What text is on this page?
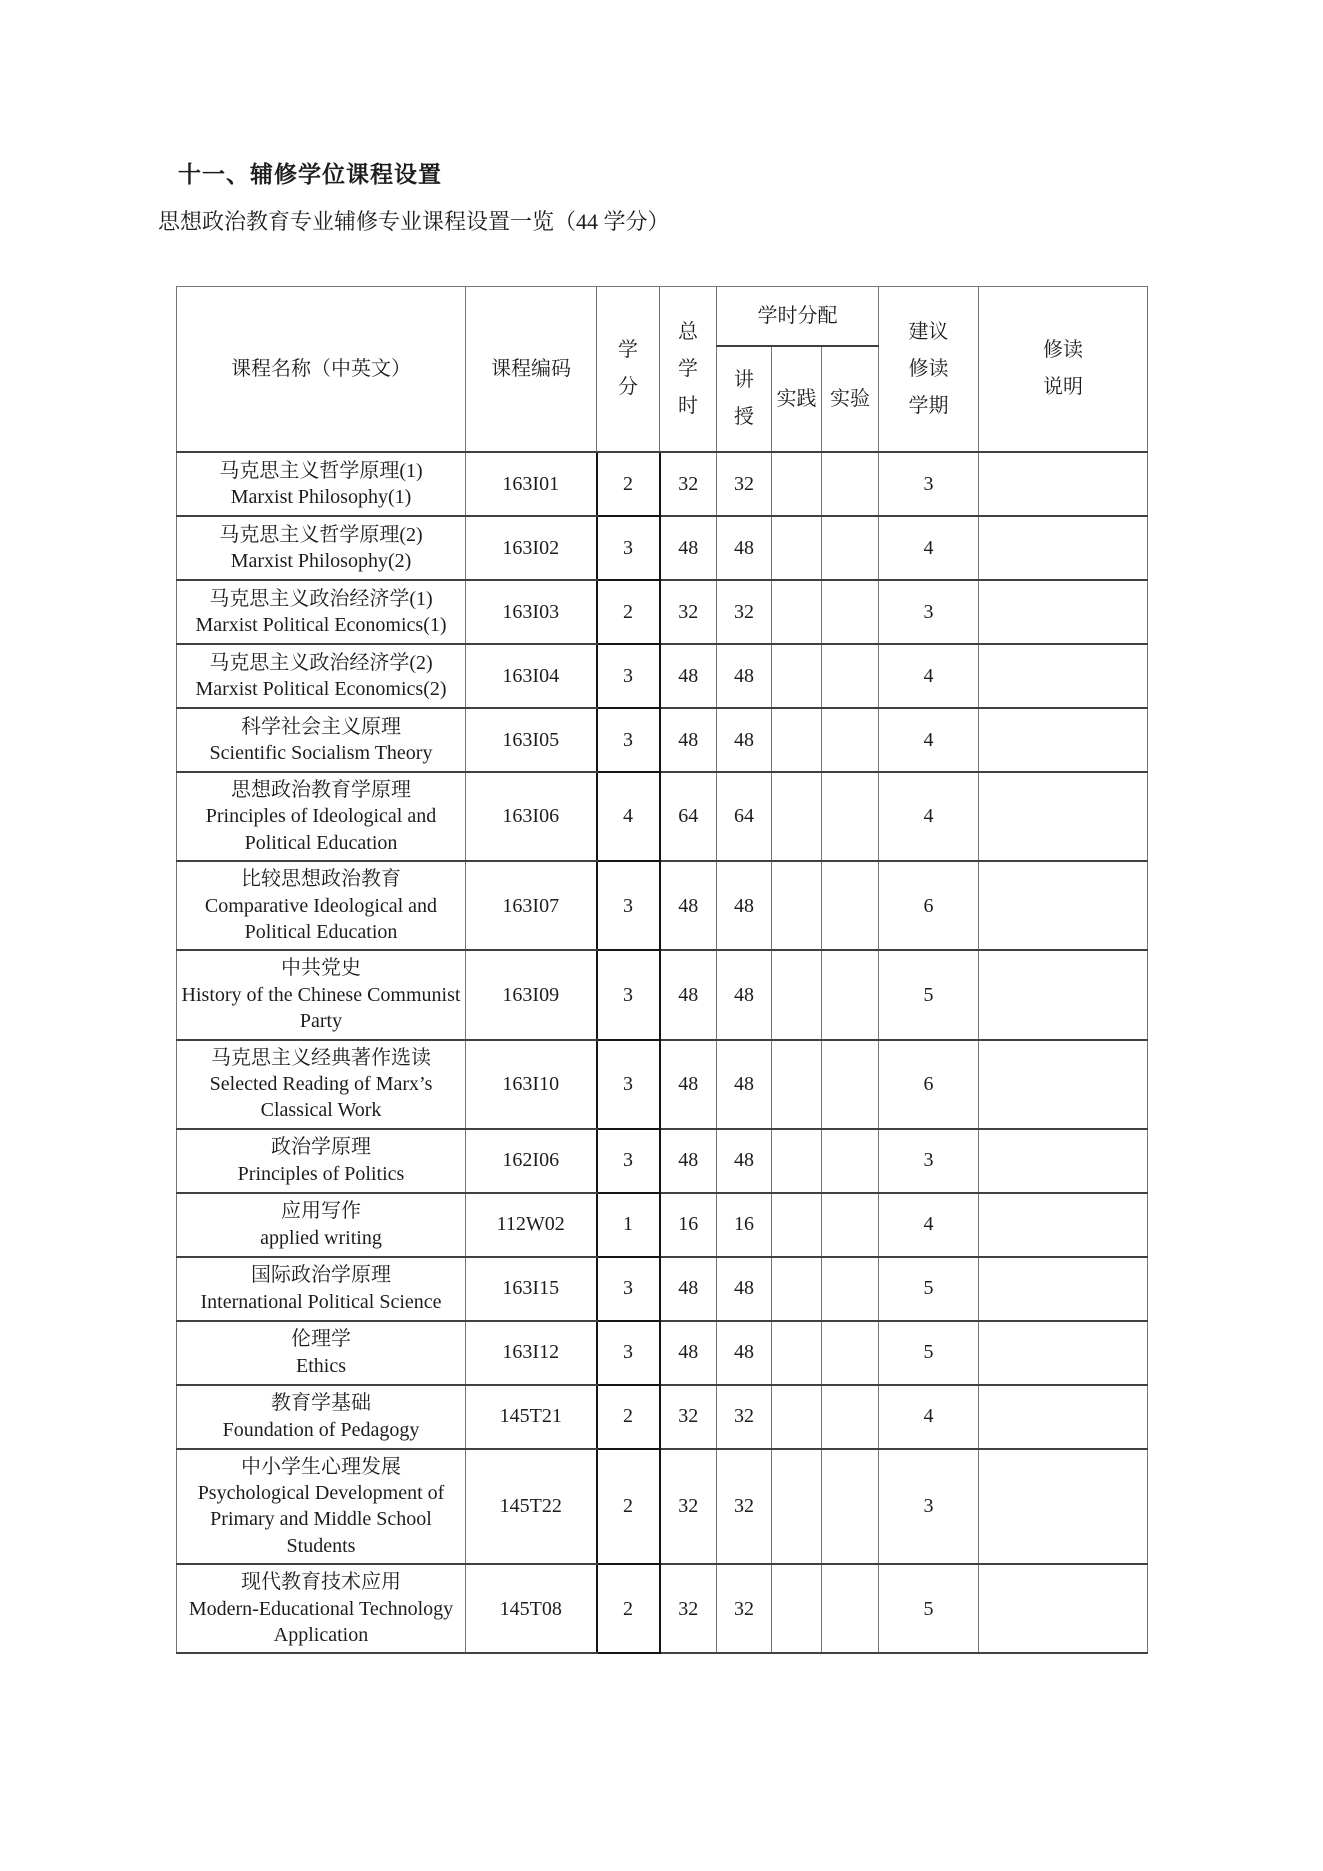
十一、辅修学位课程设置

思想政治教育专业辅修专业课程设置一览（44 学分）

课程名称（中英文）	课程编码	学分	总学时	学时分配			建议修读学期	修读说明
				讲授	实践	实验		

马克思主义哲学原理(1)
Marxist Philosophy(1)	163I01	2	32	32			3	

马克思主义哲学原理(2)
Marxist Philosophy(2)	163I02	3	48	48			4	

马克思主义政治经济学(1)
Marxist Political Economics(1)	163I03	2	32	32			3	

马克思主义政治经济学(2)
Marxist Political Economics(2)	163I04	3	48	48			4	

科学社会主义原理
Scientific Socialism Theory	163I05	3	48	48			4	

思想政治教育学原理
Principles of Ideological and Political Education	163I06	4	64	64			4	

比较思想政治教育
Comparative Ideological and Political Education	163I07	3	48	48			6	

中共党史
History of the Chinese Communist Party	163I09	3	48	48			5	

马克思主义经典著作选读
Selected Reading of Marx’s Classical Work	163I10	3	48	48			6	

政治学原理
Principles of Politics	162I06	3	48	48			3	

应用写作
applied writing	112W02	1	16	16			4	

国际政治学原理
International Political Science	163I15	3	48	48			5	

伦理学
Ethics	163I12	3	48	48			5	

教育学基础
Foundation of Pedagogy	145T21	2	32	32			4	

中小学生心理发展
Psychological Development of Primary and Middle School Students	145T22	2	32	32			3	

现代教育技术应用
Modern-Educational Technology Application	145T08	2	32	32			5	
